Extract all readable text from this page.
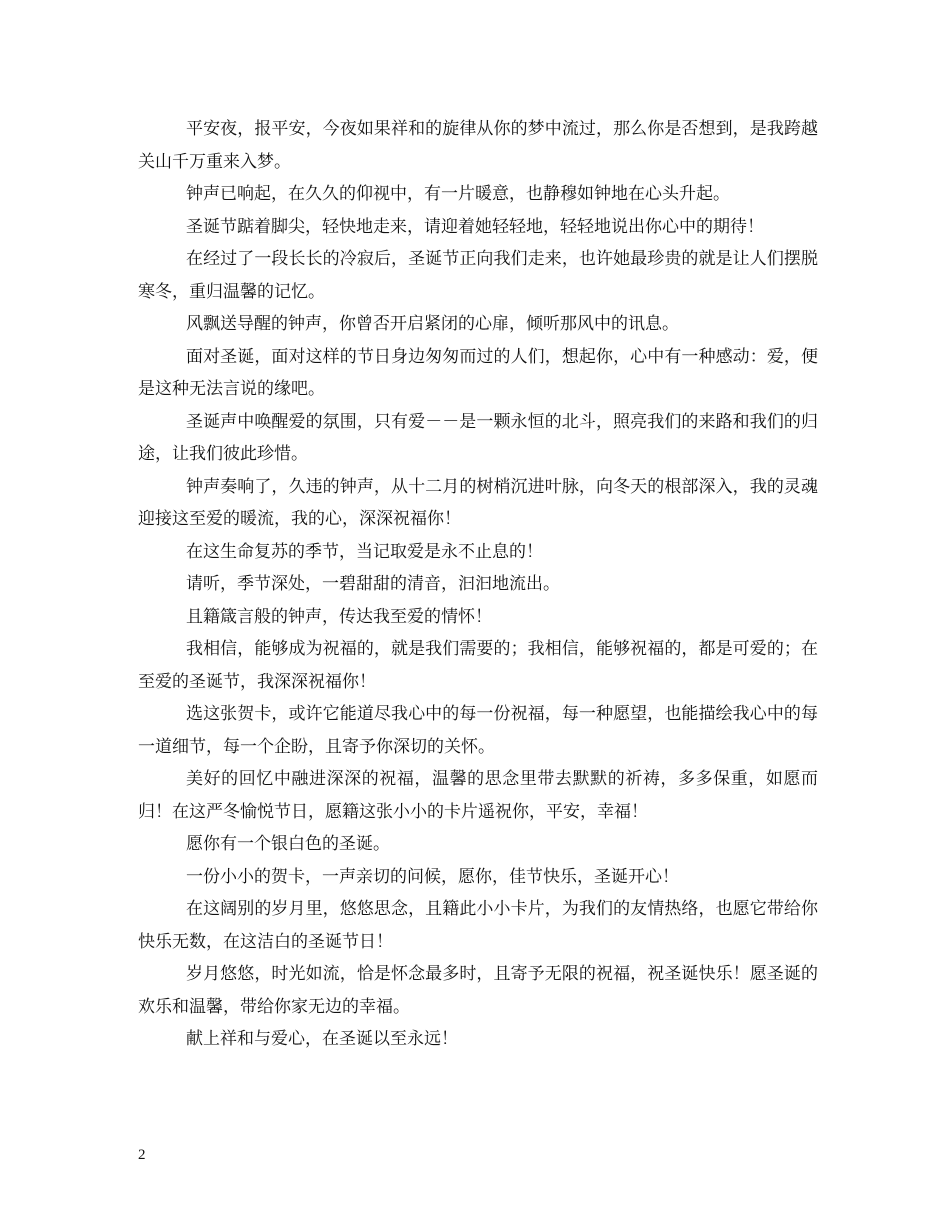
平安夜，报平安，今夜如果祥和的旋律从你的梦中流过，那么你是否想到，是我跨越关山千万重来入梦。

钟声已响起，在久久的仰视中，有一片暖意，也静穆如钟地在心头升起。

圣诞节踮着脚尖，轻快地走来，请迎着她轻轻地，轻轻地说出你心中的期待！

在经过了一段长长的冷寂后，圣诞节正向我们走来，也许她最珍贵的就是让人们摆脱寒冬，重归温馨的记忆。

风飘送导醒的钟声，你曾否开启紧闭的心扉，倾听那风中的讯息。

面对圣诞，面对这样的节日身边匆匆而过的人们，想起你，心中有一种感动：爱，便是这种无法言说的缘吧。

圣诞声中唤醒爱的氛围，只有爱－－是一颗永恒的北斗，照亮我们的来路和我们的归途，让我们彼此珍惜。

钟声奏响了，久违的钟声，从十二月的树梢沉进叶脉，向冬天的根部深入，我的灵魂迎接这至爱的暖流，我的心，深深祝福你！

在这生命复苏的季节，当记取爱是永不止息的！

请听，季节深处，一碧甜甜的清音，汩汩地流出。

且籍箴言般的钟声，传达我至爱的情怀！

我相信，能够成为祝福的，就是我们需要的；我相信，能够祝福的，都是可爱的；在至爱的圣诞节，我深深祝福你！

选这张贺卡，或许它能道尽我心中的每一份祝福，每一种愿望，也能描绘我心中的每一道细节，每一个企盼，且寄予你深切的关怀。

美好的回忆中融进深深的祝福，温馨的思念里带去默默的祈祷，多多保重，如愿而归！在这严冬愉悦节日，愿籍这张小小的卡片遥祝你，平安，幸福！

愿你有一个银白色的圣诞。

一份小小的贺卡，一声亲切的问候，愿你，佳节快乐，圣诞开心！

在这阔别的岁月里，悠悠思念，且籍此小小卡片，为我们的友情热络，也愿它带给你快乐无数，在这洁白的圣诞节日！

岁月悠悠，时光如流，恰是怀念最多时，且寄予无限的祝福，祝圣诞快乐！愿圣诞的欢乐和温馨，带给你家无边的幸福。

献上祥和与爱心，在圣诞以至永远！

2
